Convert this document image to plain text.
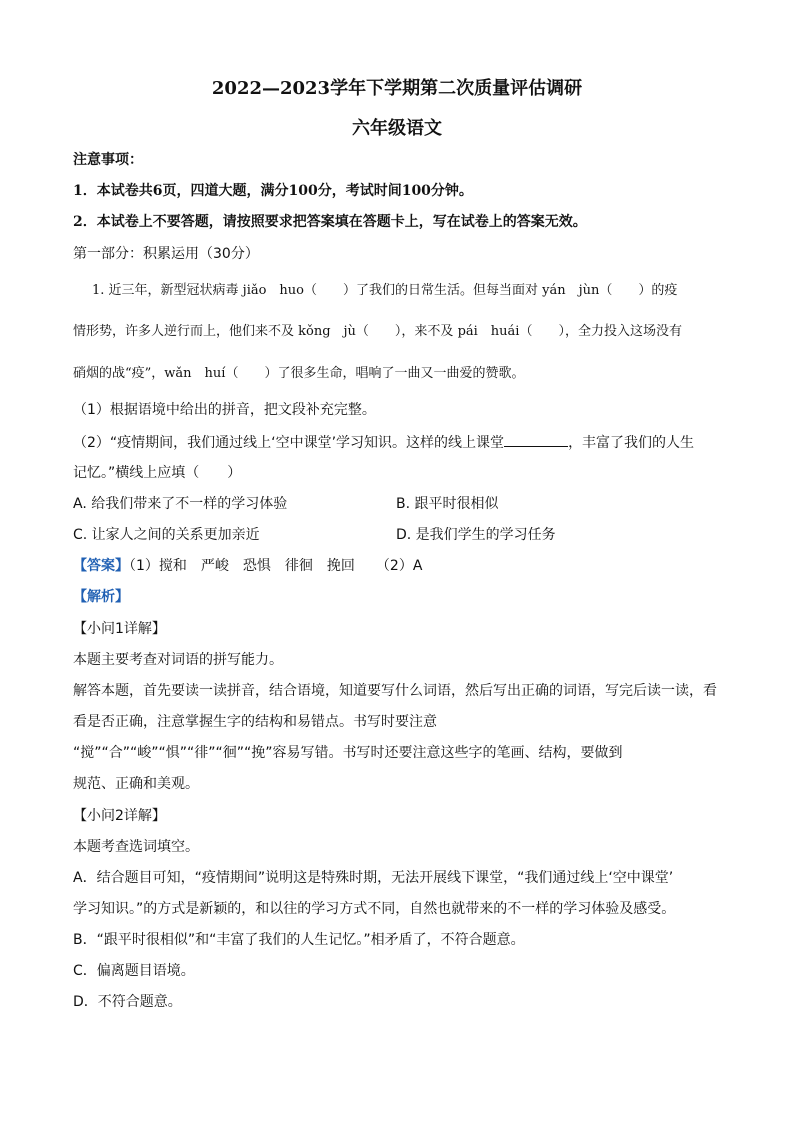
2022—2023学年下学期第二次质量评估调研
六年级语文
注意事项：
1．本试卷共6页，四道大题，满分100分，考试时间100分钟。
2．本试卷上不要答题，请按照要求把答案填在答题卡上，写在试卷上的答案无效。
第一部分：积累运用（30分）
1. 近三年，新型冠状病毒 jiǎo　huo（　　）了我们的日常生活。但每当面对 yán　jùn（　　）的疫
情形势，许多人逆行而上，他们来不及 kǒng　jù（　　），来不及 pái　huái（　　），全力投入这场没有
硝烟的战“疫”，wǎn　huí（　　）了很多生命，唱响了一曲又一曲爱的赞歌。
（1）根据语境中给出的拼音，把文段补充完整。
（2）“疫情期间，我们通过线上‘空中课堂’学习知识。这样的线上课堂	，丰富了我们的人生
记忆。”横线上应填（　　）
A. 给我们带来了不一样的学习体验	B. 跟平时很相似
C. 让家人之间的关系更加亲近	D. 是我们学生的学习任务
【答案】（1）搅和　严峻　恐惧　徘徊　挽回　　（2）A
【解析】
【小问1详解】
本题主要考查对词语的拼写能力。
解答本题，首先要读一读拼音，结合语境，知道要写什么词语，然后写出正确的词语，写完后读一读，看
看是否正确，注意掌握生字的结构和易错点。书写时要注意
“搅”“合”“峻”“惧”“徘”“徊”“挽”容易写错。书写时还要注意这些字的笔画、结构，要做到
规范、正确和美观。
【小问2详解】
本题考查选词填空。
A．结合题目可知，“疫情期间”说明这是特殊时期，无法开展线下课堂，“我们通过线上‘空中课堂’
学习知识。”的方式是新颖的，和以往的学习方式不同，自然也就带来的不一样的学习体验及感受。
B．“跟平时很相似”和“丰富了我们的人生记忆。”相矛盾了，不符合题意。
C．偏离题目语境。
D．不符合题意。
